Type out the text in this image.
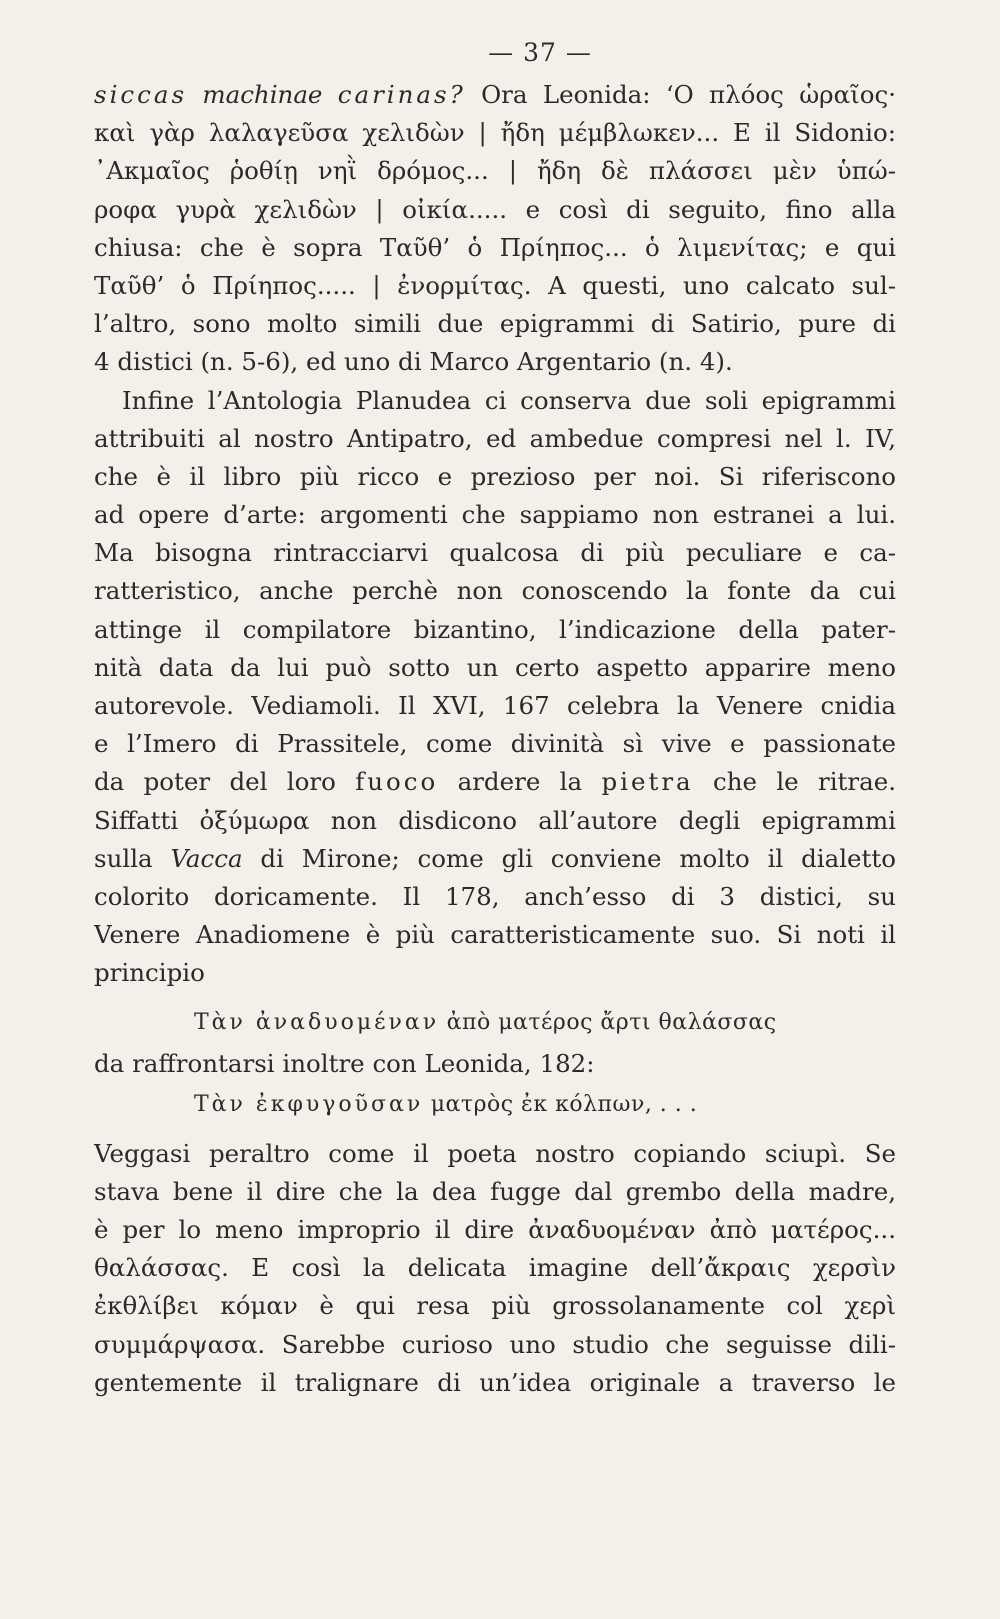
— 37 —
siccas machinae carinas? Ora Leonida: ‘Ο πλόος ὡραῖος·
καὶ γὰρ λαλαγεῦσα χελιδὼν | ἤδη μέμβλωκεν... E il Sidonio:
᾿Ακμαῖος ῥοθίῃ νηῒ δρόμος... | ἤδη δὲ πλάσσει μὲν ὑπώ-
ροφα γυρὰ χελιδὼν | οἰκία..... e così di seguito, fino alla
chiusa: che è sopra Ταῦθ’ ὁ Πρίηπος... ὁ λιμενίτας; e qui
Ταῦθ’ ὁ Πρίηπος..... | ἐνορμίτας. A questi, uno calcato sul-
l’altro, sono molto simili due epigrammi di Satirio, pure di
4 distici (n. 5-6), ed uno di Marco Argentario (n. 4).
Infine l’Antologia Planudea ci conserva due soli epigrammi
attribuiti al nostro Antipatro, ed ambedue compresi nel l. IV,
che è il libro più ricco e prezioso per noi. Si riferiscono
ad opere d’arte: argomenti che sappiamo non estranei a lui.
Ma bisogna rintracciarvi qualcosa di più peculiare e ca-
ratteristico, anche perchè non conoscendo la fonte da cui
attinge il compilatore bizantino, l’indicazione della pater-
nità data da lui può sotto un certo aspetto apparire meno
autorevole. Vediamoli. Il XVI, 167 celebra la Venere cnidia
e l’Imero di Prassitele, come divinità sì vive e passionate
da poter del loro fuoco ardere la pietra che le ritrae.
Siffatti ὀξύμωρα non disdicono all’autore degli epigrammi
sulla Vacca di Mirone; come gli conviene molto il dialetto
colorito doricamente. Il 178, anch’esso di 3 distici, su
Venere Anadiomene è più caratteristicamente suo. Si noti il
principio
Τὰν ἀναδυομέναν ἀπὸ ματέρος ἄρτι θαλάσσας
da raffrontarsi inoltre con Leonida, 182:
Τὰν ἐκφυγοῦσαν ματρὸς ἐκ κόλπων, . . .
Veggasi peraltro come il poeta nostro copiando sciupì. Se
stava bene il dire che la dea fugge dal grembo della madre,
è per lo meno improprio il dire ἀναδυομέναν ἀπὸ ματέρος...
θαλάσσας. E così la delicata imagine dell’ἄκραις χερσὶν
ἐκθλίβει κόμαν è qui resa più grossolanamente col χερὶ
συμμάρψασα. Sarebbe curioso uno studio che seguisse dili-
gentemente il tralignare di un’idea originale a traverso le
